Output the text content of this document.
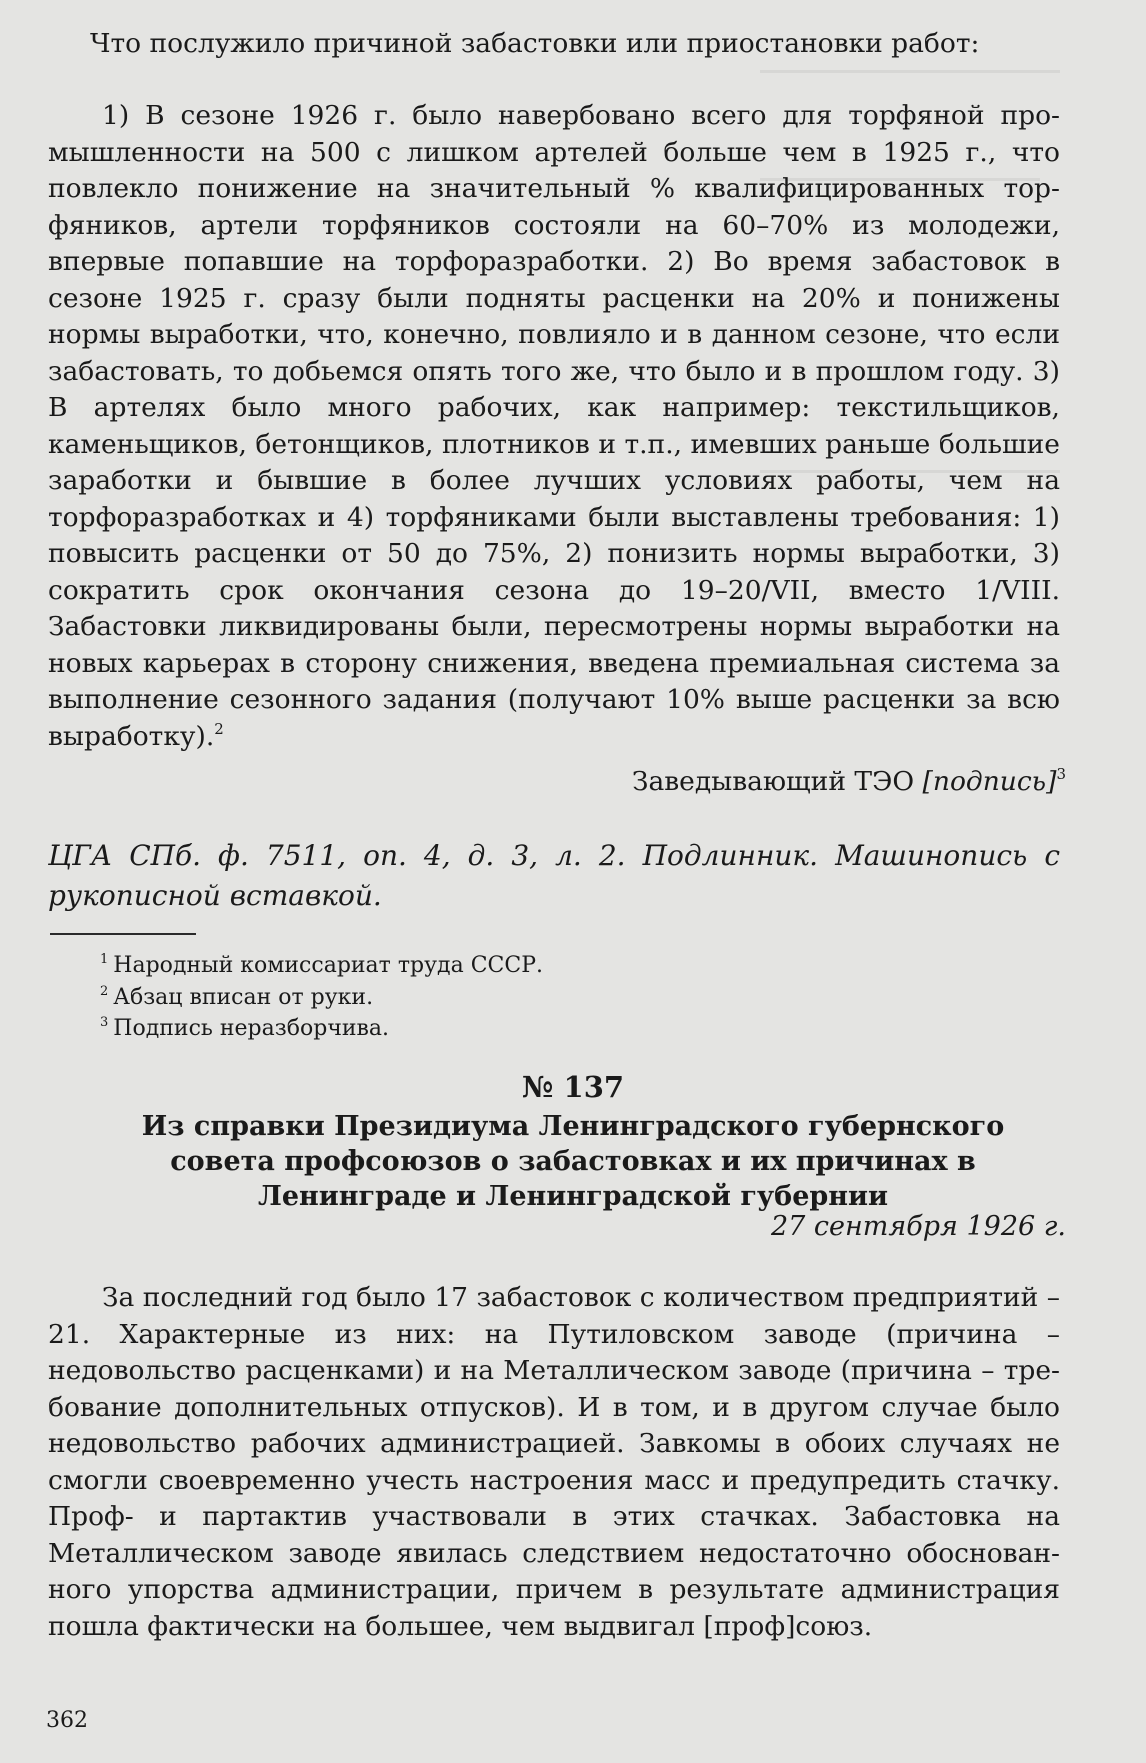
Что послужило причиной забастовки или приостановки работ:
1) В сезоне 1926 г. было навербовано всего для торфяной промышленности на 500 с лишком артелей больше чем в 1925 г., что повлекло понижение на значительный % квалифицированных торфяников, артели торфяников состояли на 60–70% из молодежи, впервые попавшие на торфоразработки. 2) Во время забастовок в сезоне 1925 г. сразу были подняты расценки на 20% и понижены нормы выработки, что, конечно, повлияло и в данном сезоне, что если забастовать, то добьемся опять того же, что было и в прошлом году. 3) В артелях было много рабочих, как например: текстильщиков, каменьщиков, бетонщиков, плотников и т.п., имевших раньше большие заработки и бывшие в более лучших условиях работы, чем на торфоразработках и 4) торфяниками были выставлены требования: 1) повысить расценки от 50 до 75%, 2) понизить нормы выработки, 3) сократить срок окончания сезона до 19–20/VII, вместо 1/VIII. Забастовки ликвидированы были, пересмотрены нормы выработки на новых карьерах в сторону снижения, введена премиальная система за выполнение сезонного задания (получают 10% выше расценки за всю выработку).$^2$
Заведывающий ТЭО [подпись]$^3$
ЦГА СПб. ф. 7511, оп. 4, д. 3, л. 2. Подлинник. Машинопись с рукописной вставкой.
$^1$ Народный комиссариат труда СССР.
$^2$ Абзац вписан от руки.
$^3$ Подпись неразборчива.
№ 137
Из справки Президиума Ленинградского губернского совета профсоюзов о забастовках и их причинах в Ленинграде и Ленинградской губернии
27 сентября 1926 г.
За последний год было 17 забастовок с количеством предприятий – 21. Характерные из них: на Путиловском заводе (причина – недовольство расценками) и на Металлическом заводе (причина – требование дополнительных отпусков). И в том, и в другом случае было недовольство рабочих администрацией. Завкомы в обоих случаях не смогли своевременно учесть настроения масс и предупредить стачку. Проф- и партактив участвовали в этих стачках. Забастовка на Металлическом заводе явилась следствием недостаточно обоснованного упорства администрации, причем в результате администрация пошла фактически на большее, чем выдвигал [проф]союз.
362
